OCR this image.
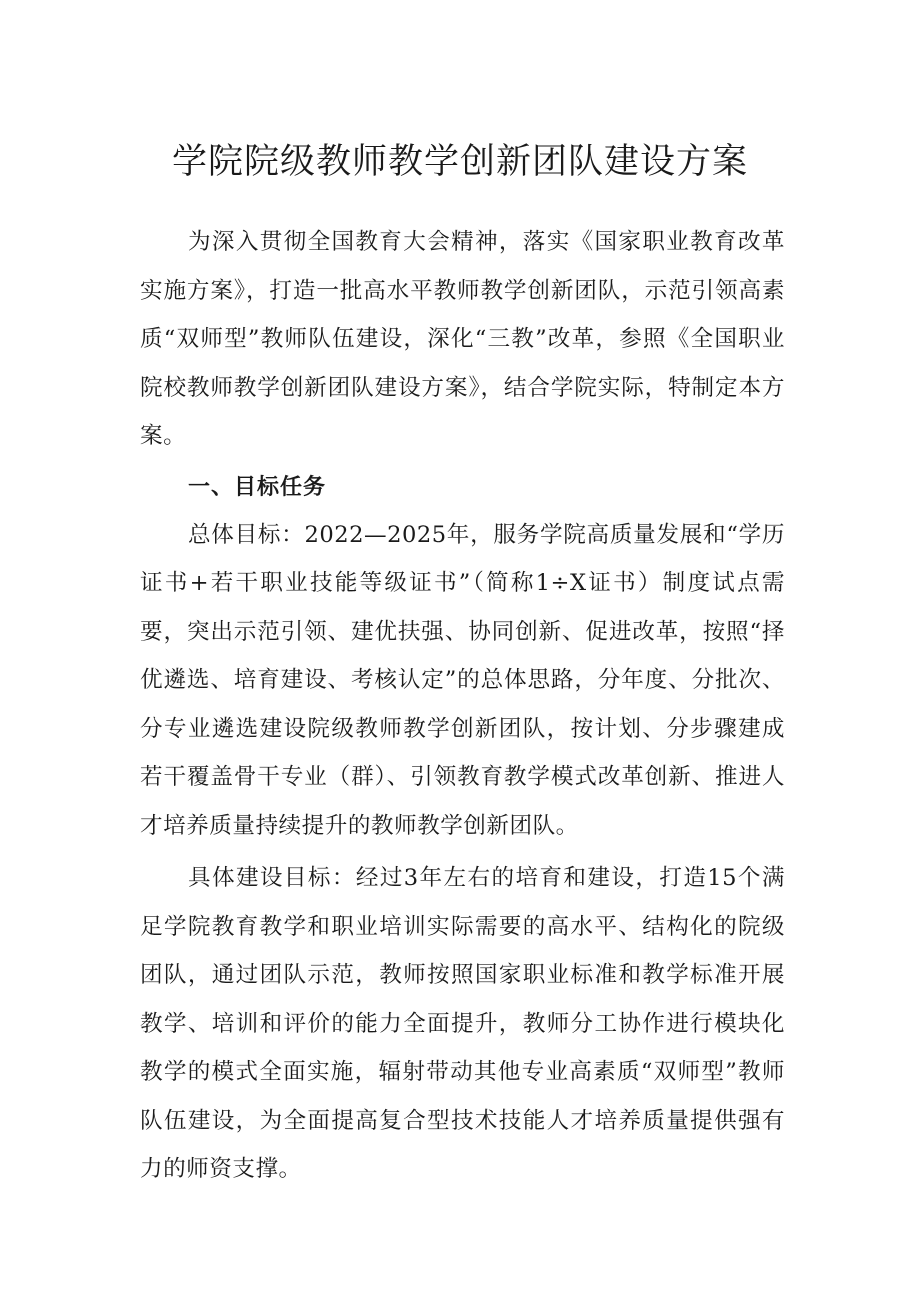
学院院级教师教学创新团队建设方案

为深入贯彻全国教育大会精神，落实《国家职业教育改革实施方案》，打造一批高水平教师教学创新团队，示范引领高素质“双师型”教师队伍建设，深化“三教”改革，参照《全国职业院校教师教学创新团队建设方案》，结合学院实际，特制定本方案。

一、目标任务

总体目标：2022—2025年，服务学院高质量发展和“学历证书+若干职业技能等级证书”（简称1÷X证书）制度试点需要，突出示范引领、建优扶强、协同创新、促进改革，按照“择优遴选、培育建设、考核认定”的总体思路，分年度、分批次、分专业遴选建设院级教师教学创新团队，按计划、分步骤建成若干覆盖骨干专业（群）、引领教育教学模式改革创新、推进人才培养质量持续提升的教师教学创新团队。

具体建设目标：经过3年左右的培育和建设，打造15个满足学院教育教学和职业培训实际需要的高水平、结构化的院级团队，通过团队示范，教师按照国家职业标准和教学标准开展教学、培训和评价的能力全面提升，教师分工协作进行模块化教学的模式全面实施，辐射带动其他专业高素质“双师型”教师队伍建设，为全面提高复合型技术技能人才培养质量提供强有力的师资支撑。
